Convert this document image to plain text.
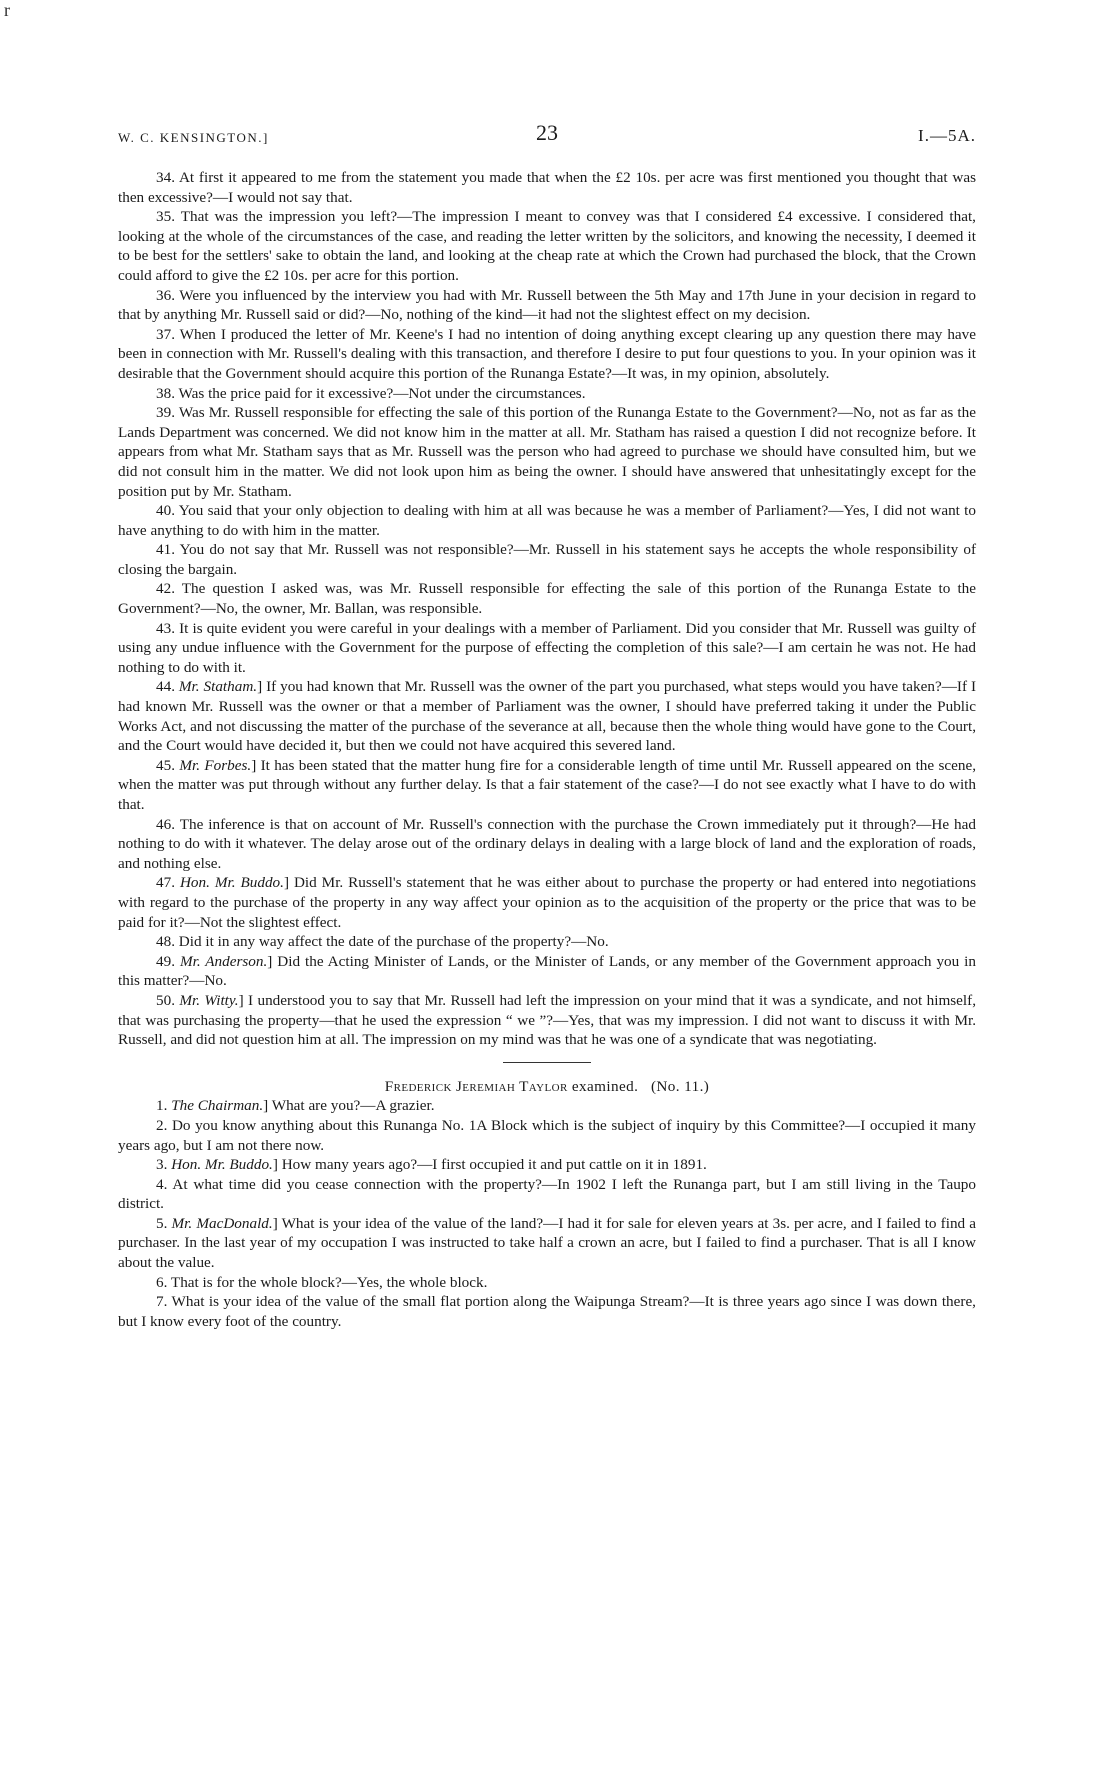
r
W. C. KENSINGTON.]	23	I.—5A.

34. At first it appeared to me from the statement you made that when the £2 10s. per acre was first mentioned you thought that was then excessive?—I would not say that.

35. That was the impression you left?—The impression I meant to convey was that I considered £4 excessive. I considered that, looking at the whole of the circumstances of the case, and reading the letter written by the solicitors, and knowing the necessity, I deemed it to be best for the settlers' sake to obtain the land, and looking at the cheap rate at which the Crown had purchased the block, that the Crown could afford to give the £2 10s. per acre for this portion.

36. Were you influenced by the interview you had with Mr. Russell between the 5th May and 17th June in your decision in regard to that by anything Mr. Russell said or did?—No, nothing of the kind—it had not the slightest effect on my decision.

37. When I produced the letter of Mr. Keene's I had no intention of doing anything except clearing up any question there may have been in connection with Mr. Russell's dealing with this transaction, and therefore I desire to put four questions to you. In your opinion was it desirable that the Government should acquire this portion of the Runanga Estate?—It was, in my opinion, absolutely.

38. Was the price paid for it excessive?—Not under the circumstances.

39. Was Mr. Russell responsible for effecting the sale of this portion of the Runanga Estate to the Government?—No, not as far as the Lands Department was concerned. We did not know him in the matter at all. Mr. Statham has raised a question I did not recognize before. It appears from what Mr. Statham says that as Mr. Russell was the person who had agreed to purchase we should have consulted him, but we did not consult him in the matter. We did not look upon him as being the owner. I should have answered that unhesitatingly except for the position put by Mr. Statham.

40. You said that your only objection to dealing with him at all was because he was a member of Parliament?—Yes, I did not want to have anything to do with him in the matter.

41. You do not say that Mr. Russell was not responsible?—Mr. Russell in his statement says he accepts the whole responsibility of closing the bargain.

42. The question I asked was, was Mr. Russell responsible for effecting the sale of this portion of the Runanga Estate to the Government?—No, the owner, Mr. Ballan, was responsible.

43. It is quite evident you were careful in your dealings with a member of Parliament. Did you consider that Mr. Russell was guilty of using any undue influence with the Government for the purpose of effecting the completion of this sale?—I am certain he was not. He had nothing to do with it.

44. Mr. Statham.] If you had known that Mr. Russell was the owner of the part you purchased, what steps would you have taken?—If I had known Mr. Russell was the owner or that a member of Parliament was the owner, I should have preferred taking it under the Public Works Act, and not discussing the matter of the purchase of the severance at all, because then the whole thing would have gone to the Court, and the Court would have decided it, but then we could not have acquired this severed land.

45. Mr. Forbes.] It has been stated that the matter hung fire for a considerable length of time until Mr. Russell appeared on the scene, when the matter was put through without any further delay. Is that a fair statement of the case?—I do not see exactly what I have to do with that.

46. The inference is that on account of Mr. Russell's connection with the purchase the Crown immediately put it through?—He had nothing to do with it whatever. The delay arose out of the ordinary delays in dealing with a large block of land and the exploration of roads, and nothing else.

47. Hon. Mr. Buddo.] Did Mr. Russell's statement that he was either about to purchase the property or had entered into negotiations with regard to the purchase of the property in any way affect your opinion as to the acquisition of the property or the price that was to be paid for it?—Not the slightest effect.

48. Did it in any way affect the date of the purchase of the property?—No.

49. Mr. Anderson.] Did the Acting Minister of Lands, or the Minister of Lands, or any member of the Government approach you in this matter?—No.

50. Mr. Witty.] I understood you to say that Mr. Russell had left the impression on your mind that it was a syndicate, and not himself, that was purchasing the property—that he used the expression “ we ”?—Yes, that was my impression. I did not want to discuss it with Mr. Russell, and did not question him at all. The impression on my mind was that he was one of a syndicate that was negotiating.

Frederick Jeremiah Taylor examined. (No. 11.)

1. The Chairman.] What are you?—A grazier.

2. Do you know anything about this Runanga No. 1A Block which is the subject of inquiry by this Committee?—I occupied it many years ago, but I am not there now.

3. Hon. Mr. Buddo.] How many years ago?—I first occupied it and put cattle on it in 1891.

4. At what time did you cease connection with the property?—In 1902 I left the Runanga part, but I am still living in the Taupo district.

5. Mr. MacDonald.] What is your idea of the value of the land?—I had it for sale for eleven years at 3s. per acre, and I failed to find a purchaser. In the last year of my occupation I was instructed to take half a crown an acre, but I failed to find a purchaser. That is all I know about the value.

6. That is for the whole block?—Yes, the whole block.

7. What is your idea of the value of the small flat portion along the Waipunga Stream?—It is three years ago since I was down there, but I know every foot of the country.
